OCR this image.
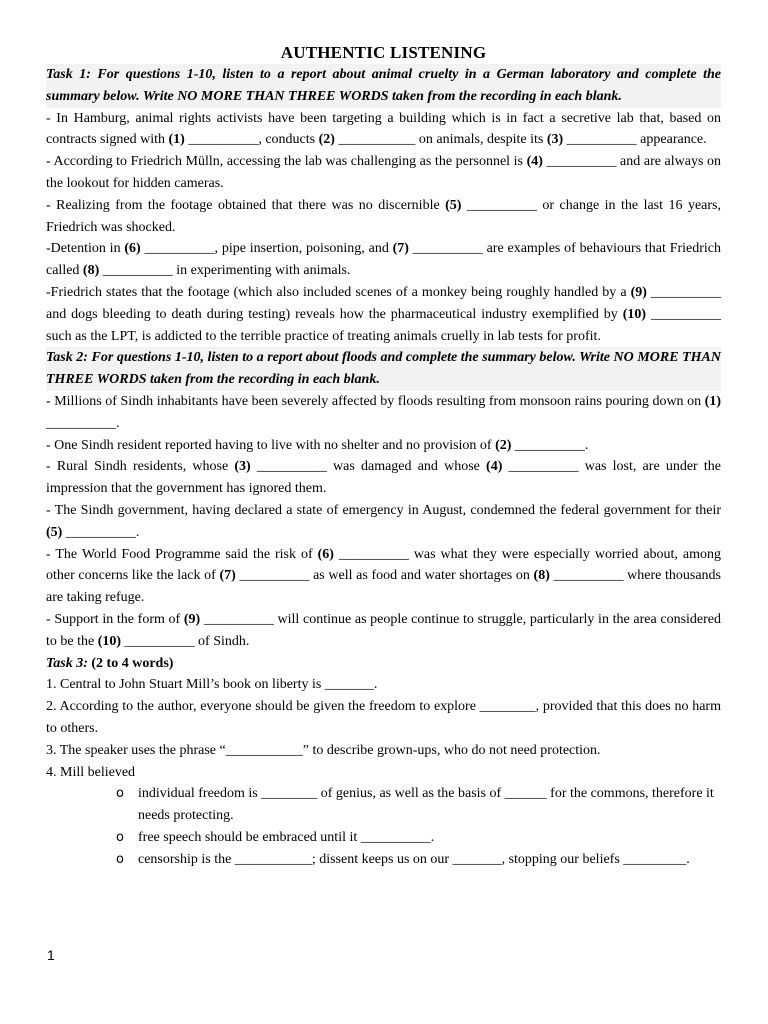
AUTHENTIC LISTENING

Task 1: For questions 1-10, listen to a report about animal cruelty in a German laboratory and complete the summary below. Write NO MORE THAN THREE WORDS taken from the recording in each blank.

- In Hamburg, animal rights activists have been targeting a building which is in fact a secretive lab that, based on contracts signed with (1) __________, conducts (2) ___________ on animals, despite its (3) __________ appearance.

- According to Friedrich Mülln, accessing the lab was challenging as the personnel is (4) __________ and are always on the lookout for hidden cameras.

- Realizing from the footage obtained that there was no discernible (5) __________ or change in the last 16 years, Friedrich was shocked.

-Detention in (6) __________, pipe insertion, poisoning, and (7) __________ are examples of behaviours that Friedrich called (8) __________ in experimenting with animals.

-Friedrich states that the footage (which also included scenes of a monkey being roughly handled by a (9) __________ and dogs bleeding to death during testing) reveals how the pharmaceutical industry exemplified by (10) __________ such as the LPT, is addicted to the terrible practice of treating animals cruelly in lab tests for profit.

Task 2: For questions 1-10, listen to a report about floods and complete the summary below. Write NO MORE THAN THREE WORDS taken from the recording in each blank.

- Millions of Sindh inhabitants have been severely affected by floods resulting from monsoon rains pouring down on (1) __________.

- One Sindh resident reported having to live with no shelter and no provision of (2) __________.

- Rural Sindh residents, whose (3) __________ was damaged and whose (4) __________ was lost, are under the impression that the government has ignored them.

- The Sindh government, having declared a state of emergency in August, condemned the federal government for their (5) __________.

- The World Food Programme said the risk of (6) __________ was what they were especially worried about, among other concerns like the lack of (7) __________ as well as food and water shortages on (8) __________ where thousands are taking refuge.

- Support in the form of (9) __________ will continue as people continue to struggle, particularly in the area considered to be the (10) __________ of Sindh.

Task 3: (2 to 4 words)

1. Central to John Stuart Mill’s book on liberty is _______.

2. According to the author, everyone should be given the freedom to explore ________, provided that this does no harm to others.

3. The speaker uses the phrase “___________” to describe grown-ups, who do not need protection.

4. Mill believed

o individual freedom is ________ of genius, as well as the basis of ______ for the commons, therefore it needs protecting.
o free speech should be embraced until it __________.
o censorship is the ___________; dissent keeps us on our _______, stopping our beliefs _________.
1
